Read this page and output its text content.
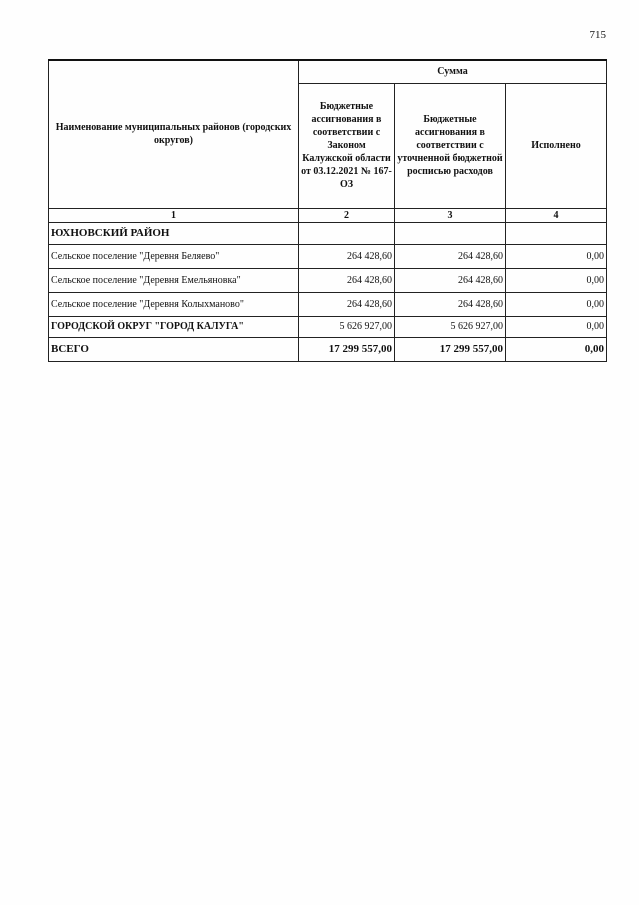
715
Наименование муниципальных районов (городских округов)	Сумма		
	Бюджетные ассигнования в соответствии с Законом Калужской области от 03.12.2021 № 167-ОЗ	Бюджетные ассигнования в соответствии с уточненной бюджетной росписью расходов	Исполнено
1	2	3	4
ЮХНОВСКИЙ РАЙОН			
Сельское поселение "Деревня Беляево"	264 428,60	264 428,60	0,00
Сельское поселение "Деревня Емельяновка"	264 428,60	264 428,60	0,00
Сельское поселение "Деревня Колыхманово"	264 428,60	264 428,60	0,00
ГОРОДСКОЙ ОКРУГ "ГОРОД КАЛУГА"	5 626 927,00	5 626 927,00	0,00
ВСЕГО	17 299 557,00	17 299 557,00	0,00
